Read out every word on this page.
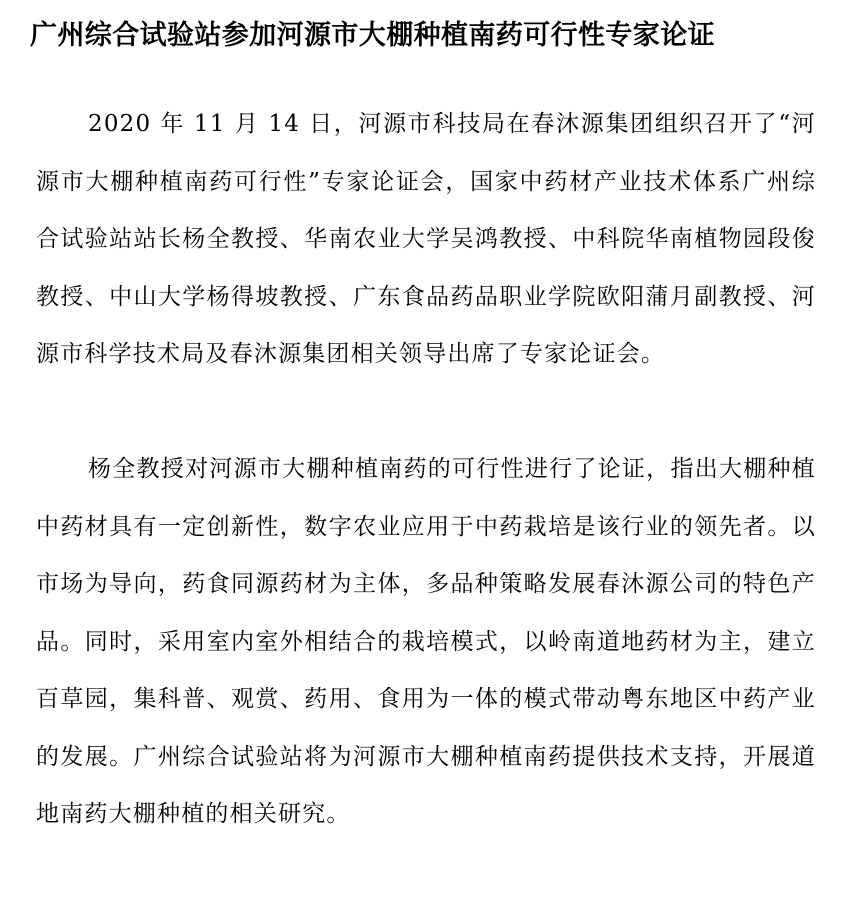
广州综合试验站参加河源市大棚种植南药可行性专家论证

2020 年 11 月 14 日，河源市科技局在春沐源集团组织召开了“河源市大棚种植南药可行性”专家论证会，国家中药材产业技术体系广州综合试验站站长杨全教授、华南农业大学吴鸿教授、中科院华南植物园段俊教授、中山大学杨得坡教授、广东食品药品职业学院欧阳蒲月副教授、河源市科学技术局及春沐源集团相关领导出席了专家论证会。

杨全教授对河源市大棚种植南药的可行性进行了论证，指出大棚种植中药材具有一定创新性，数字农业应用于中药栽培是该行业的领先者。以市场为导向，药食同源药材为主体，多品种策略发展春沐源公司的特色产品。同时，采用室内室外相结合的栽培模式，以岭南道地药材为主，建立百草园，集科普、观赏、药用、食用为一体的模式带动粤东地区中药产业的发展。广州综合试验站将为河源市大棚种植南药提供技术支持，开展道地南药大棚种植的相关研究。
